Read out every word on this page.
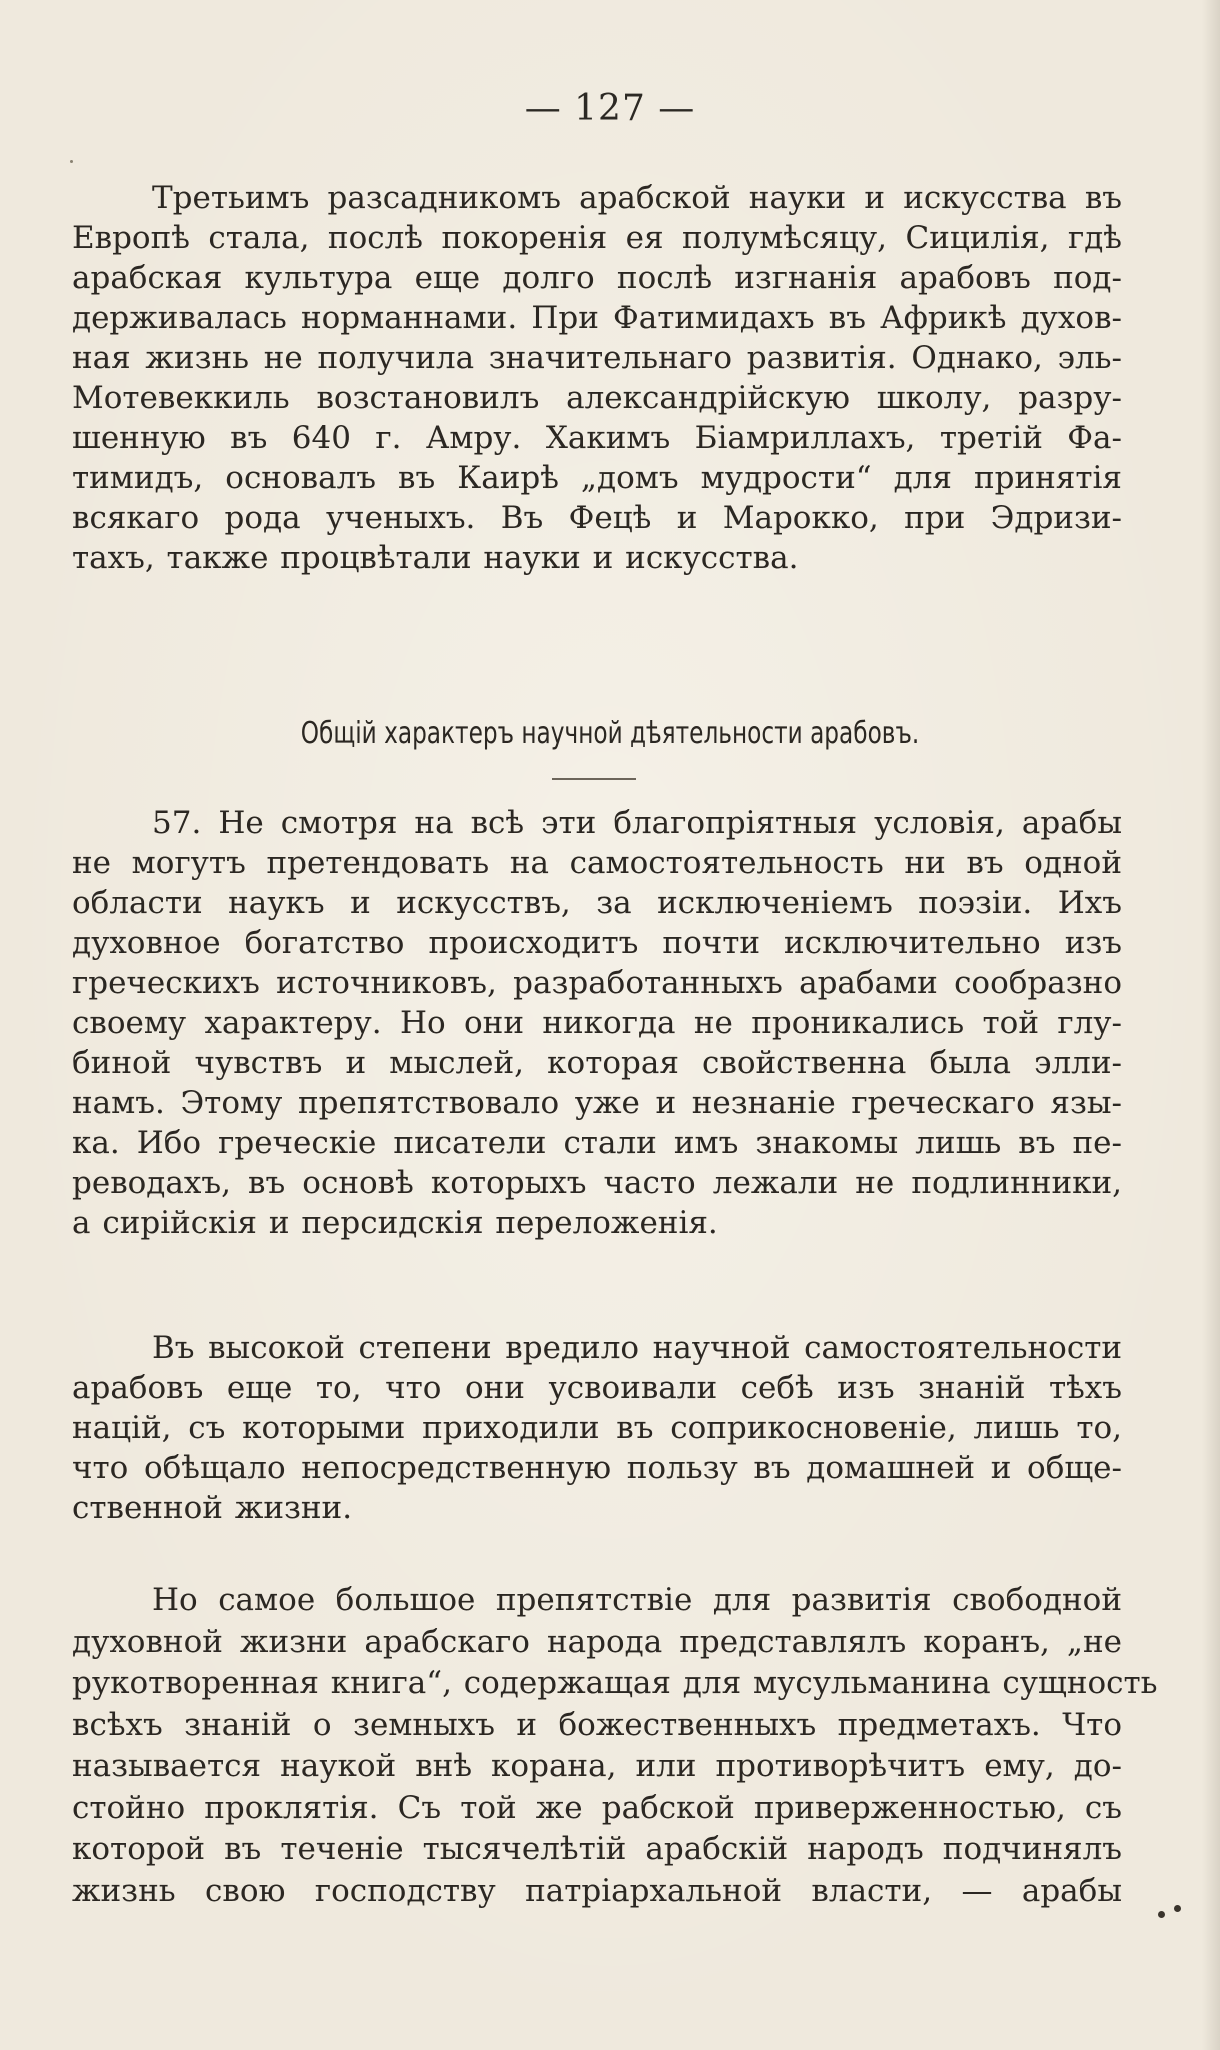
— 127 —
Третьимъ разсадникомъ арабской науки и искусства въ
Европѣ стала, послѣ покоренія ея полумѣсяцу, Сицилія, гдѣ
арабская культура еще долго послѣ изгнанія арабовъ под-
держивалась норманнами. При Фатимидахъ въ Африкѣ духов-
ная жизнь не получила значительнаго развитія. Однако, эль-
Мотевеккиль возстановилъ александрійскую школу, разру-
шенную въ 640 г. Амру. Хакимъ Біамриллахъ, третій Фа-
тимидъ, основалъ въ Каирѣ „домъ мудрости“ для принятія
всякаго рода ученыхъ. Въ Фецѣ и Марокко, при Эдризи-
тахъ, также процвѣтали науки и искусства.
Общій характеръ научной дѣятельности арабовъ.
57. Не смотря на всѣ эти благопріятныя условія, арабы
не могутъ претендовать на самостоятельность ни въ одной
области наукъ и искусствъ, за исключеніемъ поэзіи. Ихъ
духовное богатство происходитъ почти исключительно изъ
греческихъ источниковъ, разработанныхъ арабами сообразно
своему характеру. Но они никогда не проникались той глу-
биной чувствъ и мыслей, которая свойственна была элли-
намъ. Этому препятствовало уже и незнаніе греческаго язы-
ка. Ибо греческіе писатели стали имъ знакомы лишь въ пе-
реводахъ, въ основѣ которыхъ часто лежали не подлинники,
а сирійскія и персидскія переложенія.
Въ высокой степени вредило научной самостоятельности
арабовъ еще то, что они усвоивали себѣ изъ знаній тѣхъ
націй, съ которыми приходили въ соприкосновеніе, лишь то,
что обѣщало непосредственную пользу въ домашней и обще-
ственной жизни.
Но самое большое препятствіе для развитія свободной
духовной жизни арабскаго народа представлялъ коранъ, „не
рукотворенная книга“, содержащая для мусульманина сущность
всѣхъ знаній о земныхъ и божественныхъ предметахъ. Что
называется наукой внѣ корана, или противорѣчитъ ему, до-
стойно проклятія. Съ той же рабской приверженностью, съ
которой въ теченіе тысячелѣтій арабскій народъ подчинялъ
жизнь свою господству патріархальной власти, — арабы
